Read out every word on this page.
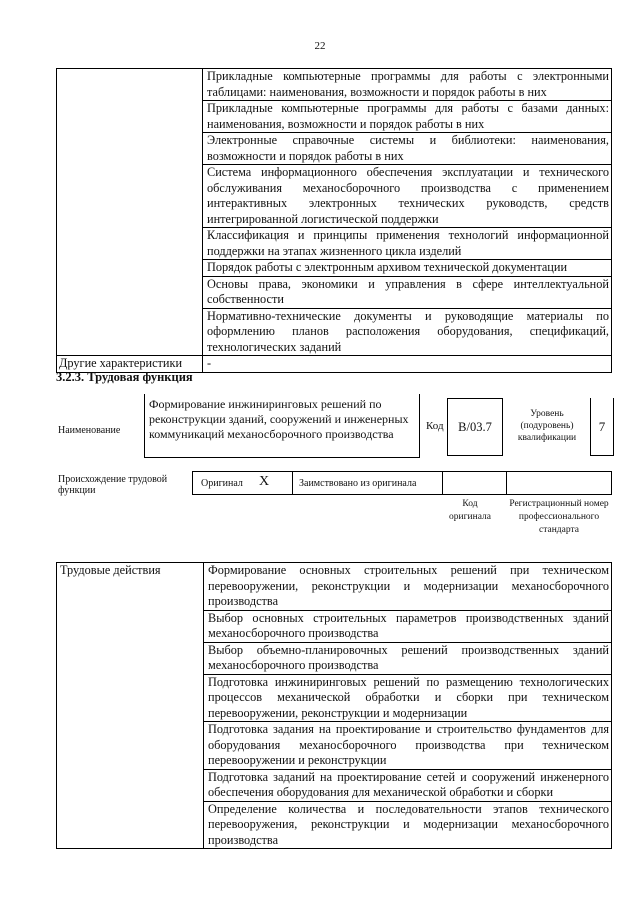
22
	Прикладные компьютерные программы для работы с электронными таблицами: наименования, возможности и порядок работы в них
	Прикладные компьютерные программы для работы с базами данных: наименования, возможности и порядок работы в них
	Электронные справочные системы и библиотеки: наименования, возможности и порядок работы в них
	Система информационного обеспечения эксплуатации и технического обслуживания механосборочного производства с применением интерактивных электронных технических руководств, средств интегрированной логистической поддержки
	Классификация и принципы применения технологий информационной поддержки на этапах жизненного цикла изделий
	Порядок работы с электронным архивом технической документации
	Основы права, экономики и управления в сфере интеллектуальной собственности
	Нормативно-технические документы и руководящие материалы по оформлению планов расположения оборудования, спецификаций, технологических заданий
Другие характеристики	-
3.2.3. Трудовая функция
Наименование
Формирование инжиниринговых решений по реконструкции зданий, сооружений и инженерных коммуникаций механосборочного производства
Код	B/03.7
Уровень (подуровень) квалификации
7
Происхождение трудовой функции
Оригинал X	Заимствовано из оригинала
Код оригинала
Регистрационный номер профессионального стандарта
Трудовые действия	Формирование основных строительных решений при техническом перевооружении, реконструкции и модернизации механосборочного производства
Выбор основных строительных параметров производственных зданий механосборочного производства
Выбор объемно-планировочных решений производственных зданий механосборочного производства
Подготовка инжиниринговых решений по размещению технологических процессов механической обработки и сборки при техническом перевооружении, реконструкции и модернизации
Подготовка задания на проектирование и строительство фундаментов для оборудования механосборочного производства при техническом перевооружении и реконструкции
Подготовка заданий на проектирование сетей и сооружений инженерного обеспечения оборудования для механической обработки и сборки
Определение количества и последовательности этапов технического перевооружения, реконструкции и модернизации механосборочного производства
